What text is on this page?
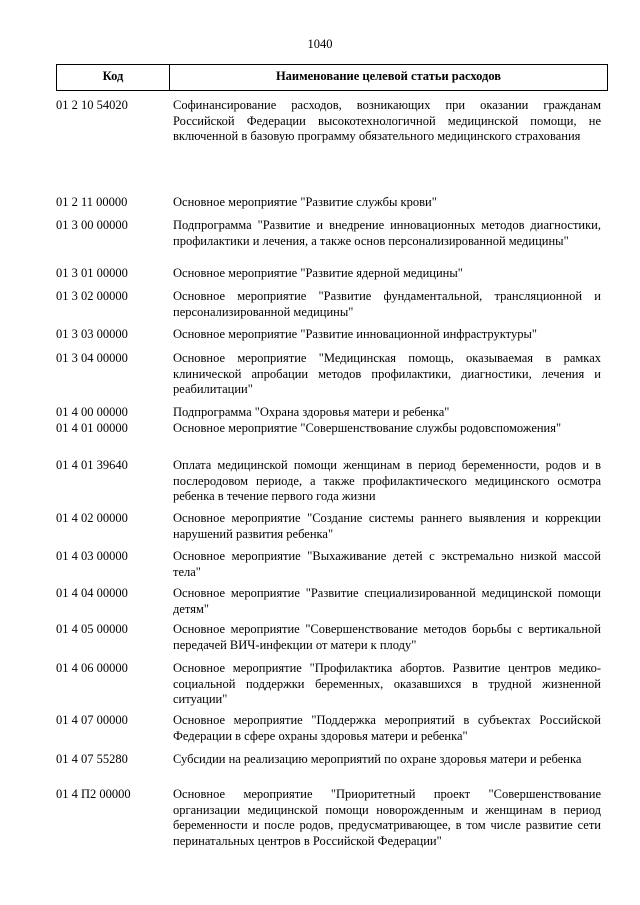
1040
Код	Наименование целевой статьи расходов
01 2 10 54020	Софинансирование расходов, возникающих при оказании гражданам Российской Федерации высокотехнологичной медицинской помощи, не включенной в базовую программу обязательного медицинского страхования
01 2 11 00000	Основное мероприятие "Развитие службы крови"
01 3 00 00000	Подпрограмма "Развитие и внедрение инновационных методов диагностики, профилактики и лечения, а также основ персонализированной медицины"
01 3 01 00000	Основное мероприятие "Развитие ядерной медицины"
01 3 02 00000	Основное мероприятие "Развитие фундаментальной, трансляционной и персонализированной медицины"
01 3 03 00000	Основное мероприятие "Развитие инновационной инфраструктуры"
01 3 04 00000	Основное мероприятие "Медицинская помощь, оказываемая в рамках клинической апробации методов профилактики, диагностики, лечения и реабилитации"
01 4 00 00000	Подпрограмма "Охрана здоровья матери и ребенка"
01 4 01 00000	Основное мероприятие "Совершенствование службы родовспоможения"
01 4 01 39640	Оплата медицинской помощи женщинам в период беременности, родов и в послеродовом периоде, а также профилактического медицинского осмотра ребенка в течение первого года жизни
01 4 02 00000	Основное мероприятие "Создание системы раннего выявления и коррекции нарушений развития ребенка"
01 4 03 00000	Основное мероприятие "Выхаживание детей с экстремально низкой массой тела"
01 4 04 00000	Основное мероприятие "Развитие специализированной медицинской помощи детям"
01 4 05 00000	Основное мероприятие "Совершенствование методов борьбы с вертикальной передачей ВИЧ-инфекции от матери к плоду"
01 4 06 00000	Основное мероприятие "Профилактика абортов. Развитие центров медико-социальной поддержки беременных, оказавшихся в трудной жизненной ситуации"
01 4 07 00000	Основное мероприятие "Поддержка мероприятий в субъектах Российской Федерации в сфере охраны здоровья матери и ребенка"
01 4 07 55280	Субсидии на реализацию мероприятий по охране здоровья матери и ребенка
01 4 П2 00000	Основное мероприятие "Приоритетный проект "Совершенствование организации медицинской помощи новорожденным и женщинам в период беременности и после родов, предусматривающее, в том числе развитие сети перинатальных центров в Российской Федерации"
